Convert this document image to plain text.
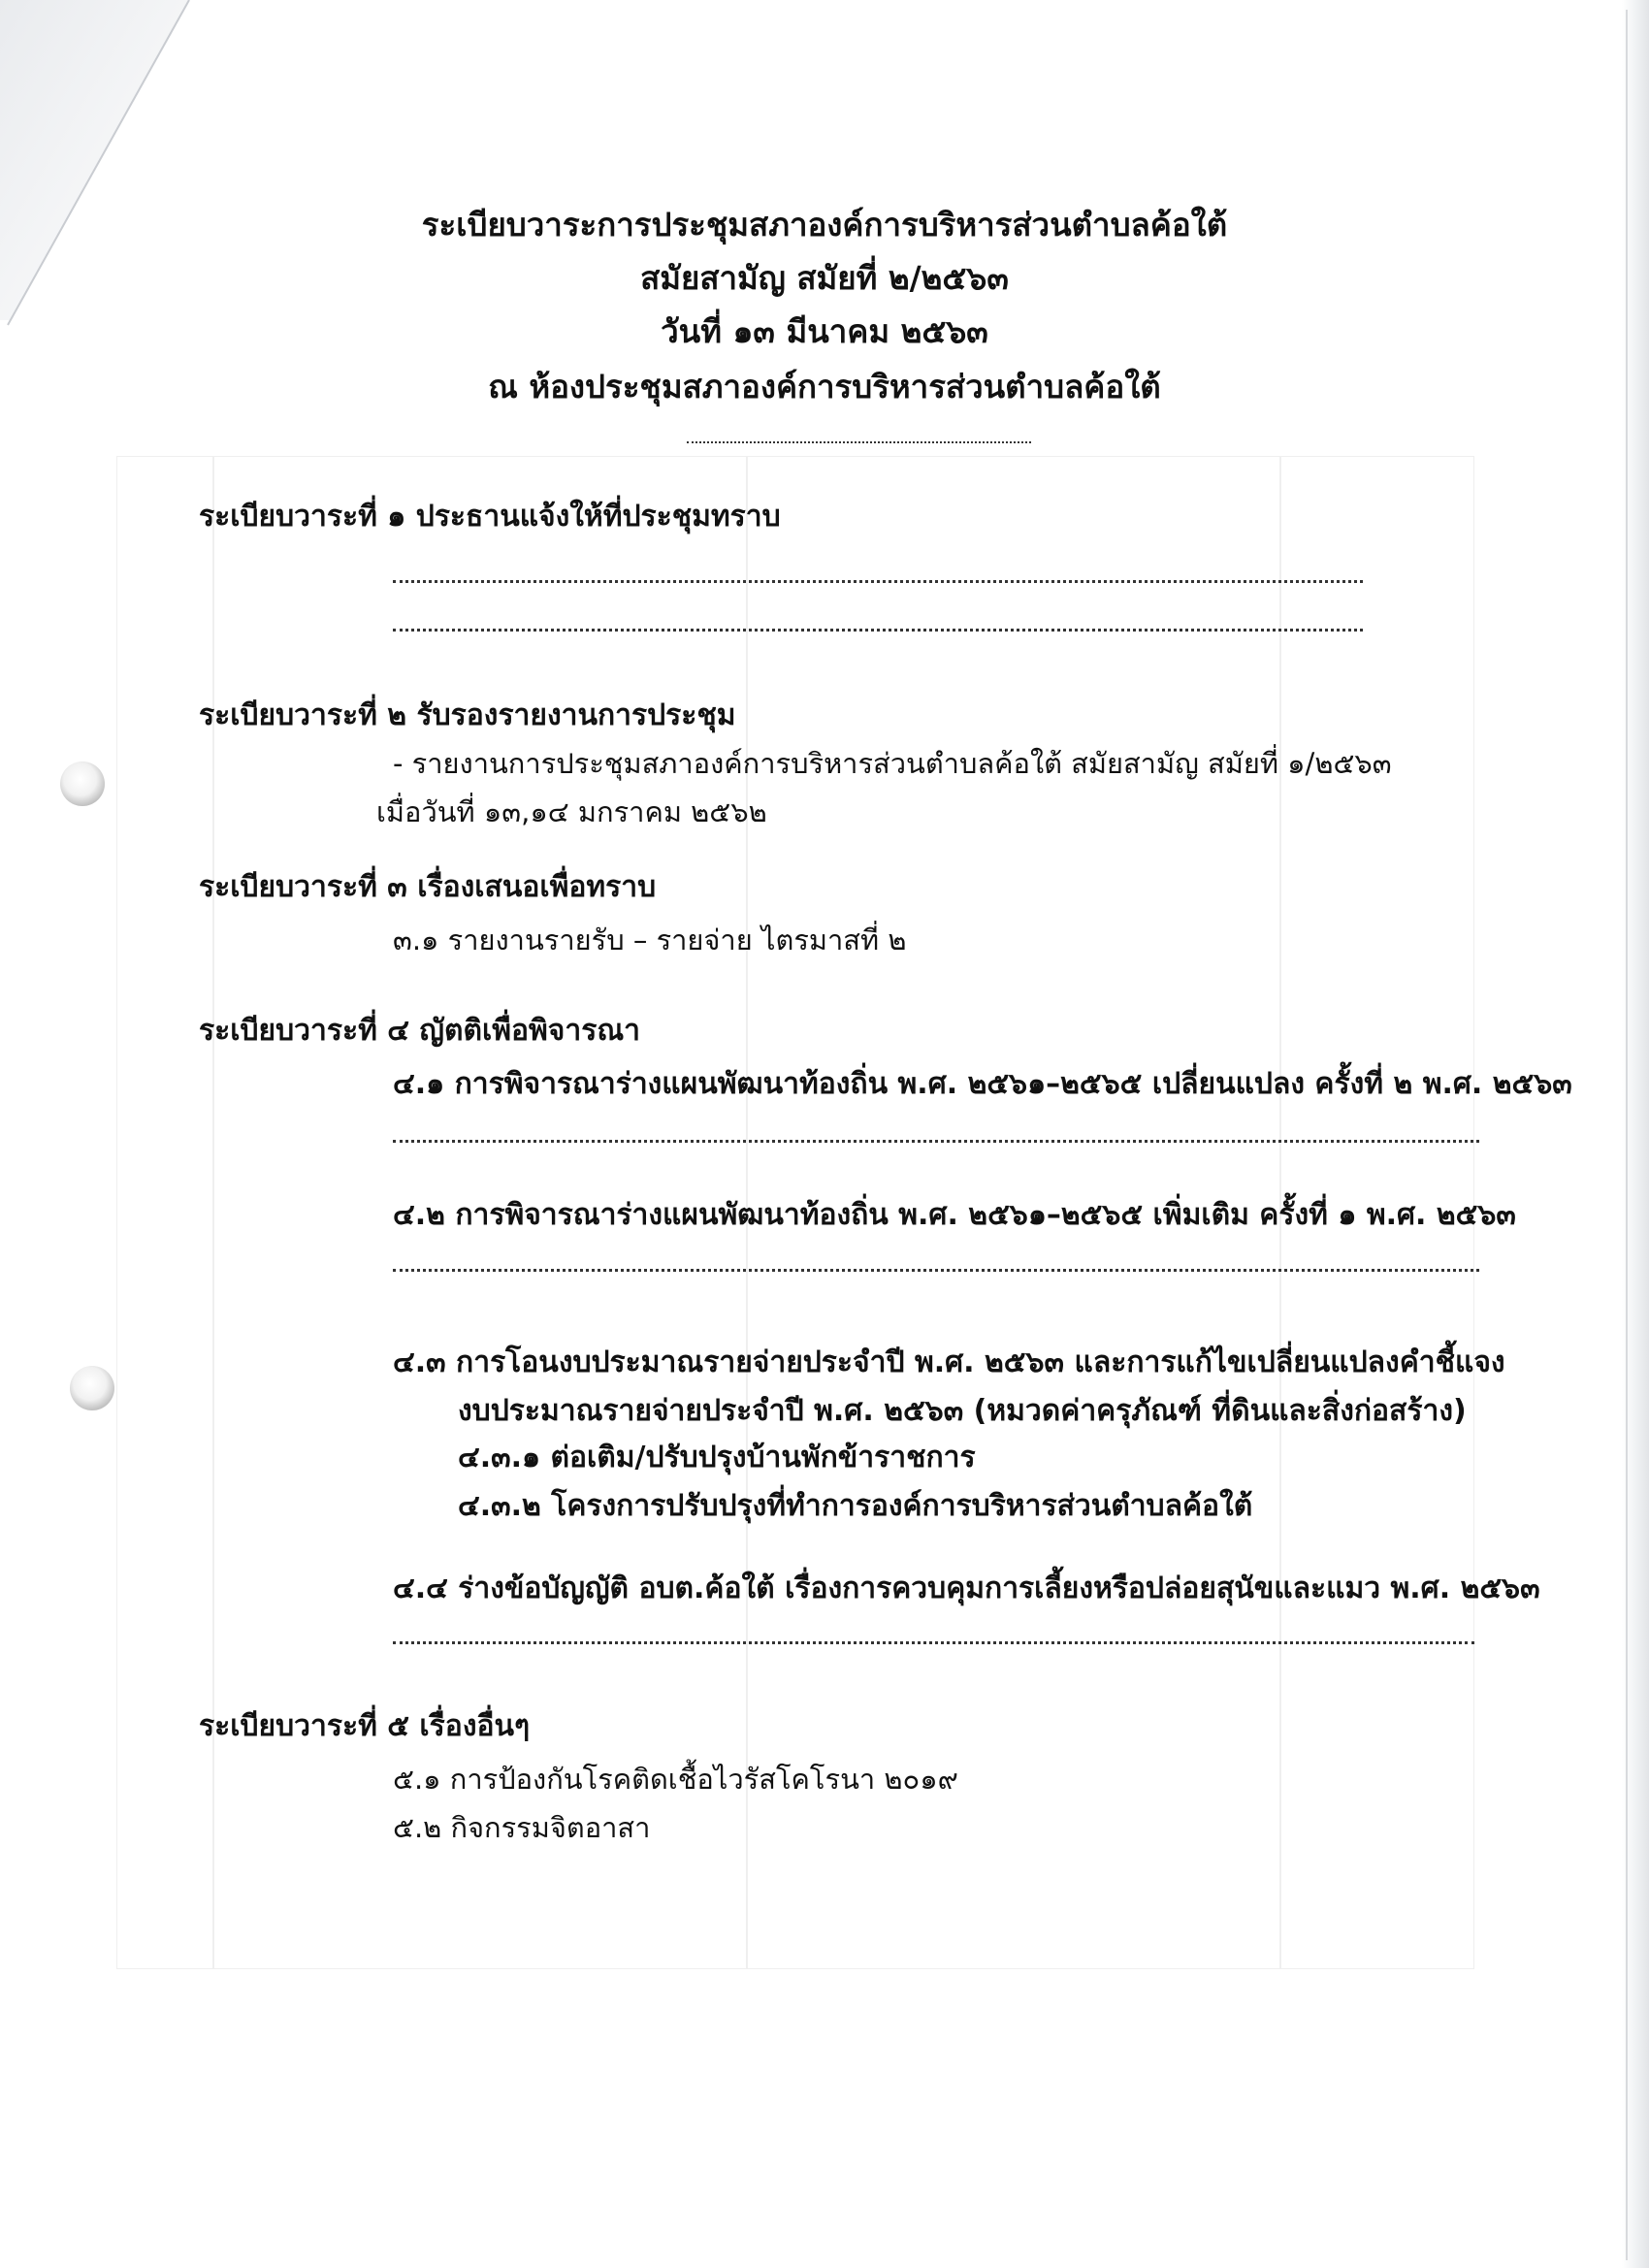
ระเบียบวาระการประชุมสภาองค์การบริหารส่วนตำบลค้อใต้
สมัยสามัญ สมัยที่ ๒/๒๕๖๓
วันที่ ๑๓ มีนาคม ๒๕๖๓
ณ ห้องประชุมสภาองค์การบริหารส่วนตำบลค้อใต้
ระเบียบวาระที่ ๑ ประธานแจ้งให้ที่ประชุมทราบ
ระเบียบวาระที่ ๒ รับรองรายงานการประชุม
- รายงานการประชุมสภาองค์การบริหารส่วนตำบลค้อใต้ สมัยสามัญ สมัยที่ ๑/๒๕๖๓
เมื่อวันที่ ๑๓,๑๔ มกราคม ๒๕๖๒
ระเบียบวาระที่ ๓ เรื่องเสนอเพื่อทราบ
๓.๑ รายงานรายรับ – รายจ่าย ไตรมาสที่ ๒
ระเบียบวาระที่ ๔ ญัตติเพื่อพิจารณา
๔.๑ การพิจารณาร่างแผนพัฒนาท้องถิ่น พ.ศ. ๒๕๖๑–๒๕๖๕ เปลี่ยนแปลง ครั้งที่ ๒ พ.ศ. ๒๕๖๓
๔.๒ การพิจารณาร่างแผนพัฒนาท้องถิ่น พ.ศ. ๒๕๖๑–๒๕๖๕ เพิ่มเติม ครั้งที่ ๑ พ.ศ. ๒๕๖๓
๔.๓ การโอนงบประมาณรายจ่ายประจำปี พ.ศ. ๒๕๖๓ และการแก้ไขเปลี่ยนแปลงคำชี้แจง
งบประมาณรายจ่ายประจำปี พ.ศ. ๒๕๖๓ (หมวดค่าครุภัณฑ์ ที่ดินและสิ่งก่อสร้าง)
๔.๓.๑ ต่อเติม/ปรับปรุงบ้านพักข้าราชการ
๔.๓.๒ โครงการปรับปรุงที่ทำการองค์การบริหารส่วนตำบลค้อใต้
๔.๔ ร่างข้อบัญญัติ อบต.ค้อใต้ เรื่องการควบคุมการเลี้ยงหรือปล่อยสุนัขและแมว พ.ศ. ๒๕๖๓
ระเบียบวาระที่ ๕ เรื่องอื่นๆ
๕.๑ การป้องกันโรคติดเชื้อไวรัสโคโรนา ๒๐๑๙
๕.๒ กิจกรรมจิตอาสา
